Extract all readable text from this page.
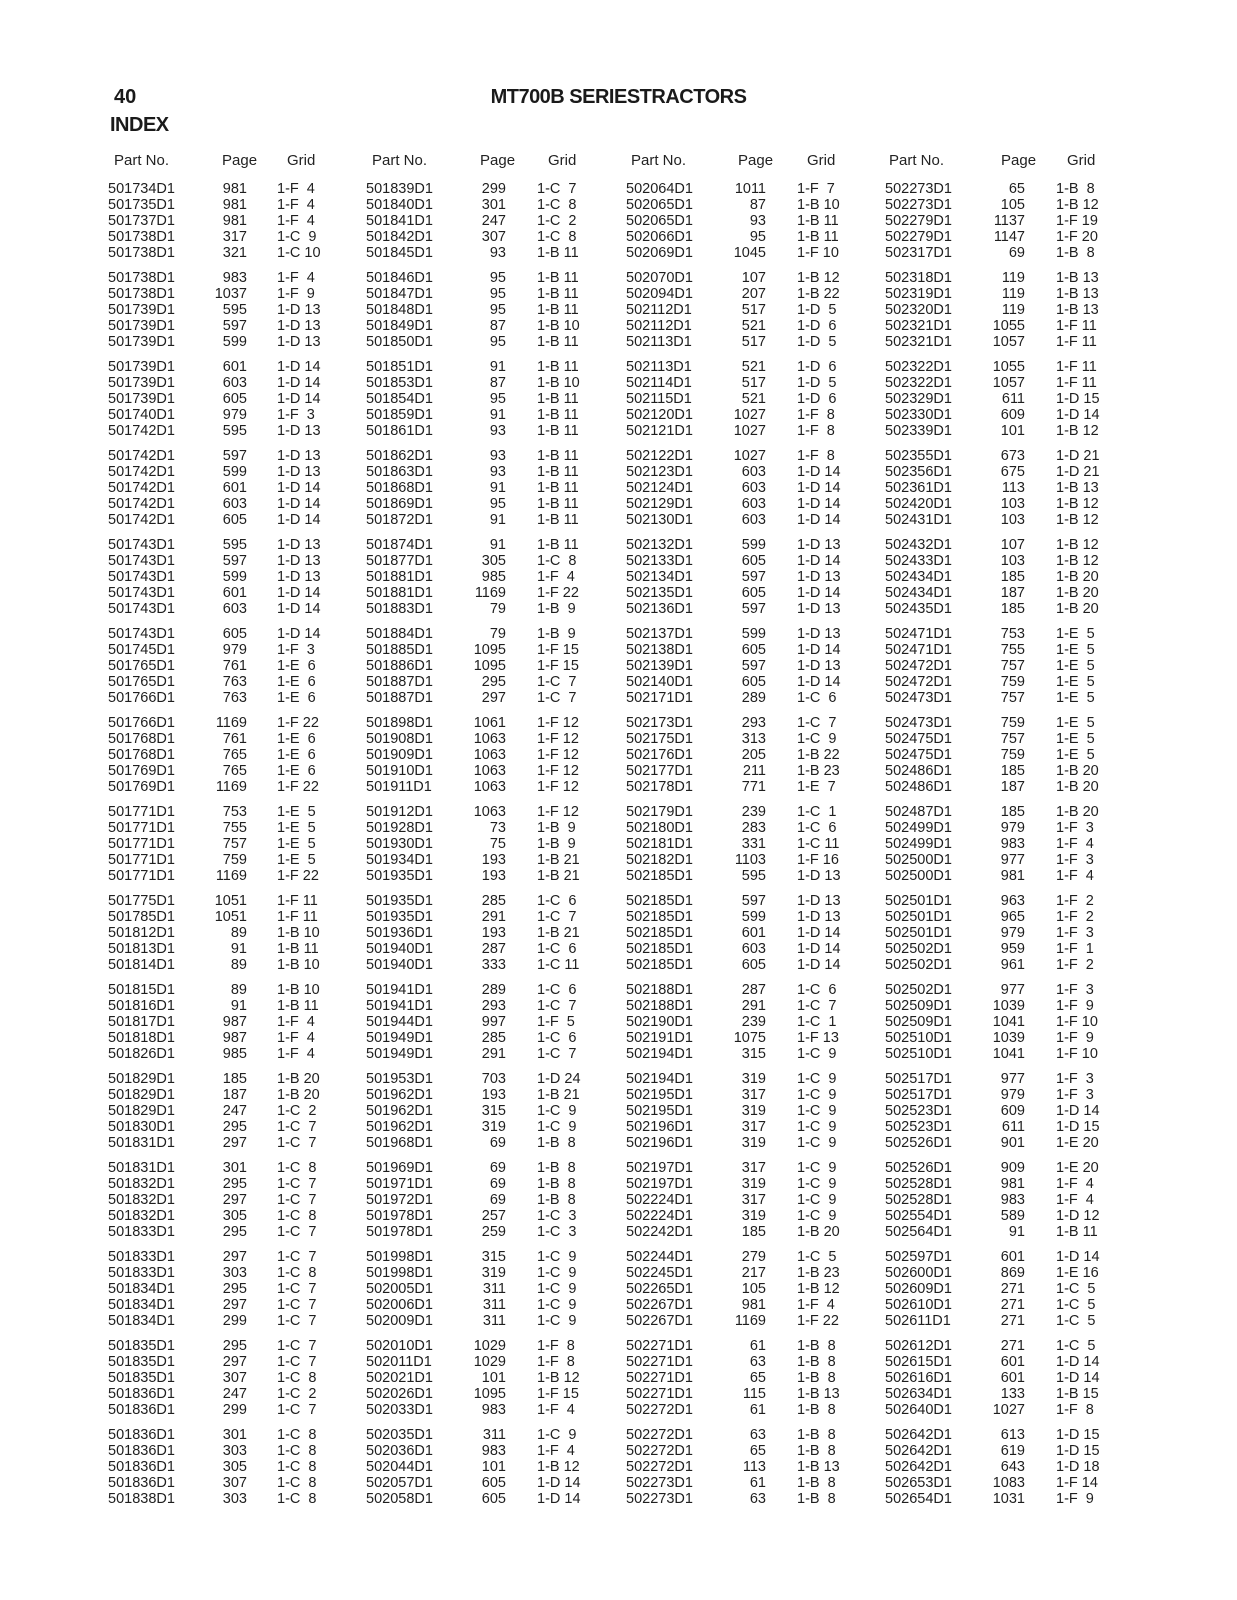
40	MT700B SERIESTRACTORS
INDEX
Part No.	Page Grid	Part No.	Page Grid	Part No.	Page Grid	Part No.	Page Grid
501734D1	981 1-F  4
501735D1	981 1-F  4
501737D1	981 1-F  4
501738D1	317 1-C  9
501738D1	321 1-C 10
501738D1	983 1-F  4
501738D1	1037 1-F  9
501739D1	595 1-D 13
501739D1	597 1-D 13
501739D1	599 1-D 13
501739D1	601 1-D 14
501739D1	603 1-D 14
501739D1	605 1-D 14
501740D1	979 1-F  3
501742D1	595 1-D 13
501742D1	597 1-D 13
501742D1	599 1-D 13
501742D1	601 1-D 14
501742D1	603 1-D 14
501742D1	605 1-D 14
501743D1	595 1-D 13
501743D1	597 1-D 13
501743D1	599 1-D 13
501743D1	601 1-D 14
501743D1	603 1-D 14
501743D1	605 1-D 14
501745D1	979 1-F  3
501765D1	761 1-E  6
501765D1	763 1-E  6
501766D1	763 1-E  6
501766D1	1169 1-F 22
501768D1	761 1-E  6
501768D1	765 1-E  6
501769D1	765 1-E  6
501769D1	1169 1-F 22
501771D1	753 1-E  5
501771D1	755 1-E  5
501771D1	757 1-E  5
501771D1	759 1-E  5
501771D1	1169 1-F 22
501775D1	1051 1-F 11
501785D1	1051 1-F 11
501812D1	89 1-B 10
501813D1	91 1-B 11
501814D1	89 1-B 10
501815D1	89 1-B 10
501816D1	91 1-B 11
501817D1	987 1-F  4
501818D1	987 1-F  4
501826D1	985 1-F  4
501829D1	185 1-B 20
501829D1	187 1-B 20
501829D1	247 1-C  2
501830D1	295 1-C  7
501831D1	297 1-C  7
501831D1	301 1-C  8
501832D1	295 1-C  7
501832D1	297 1-C  7
501832D1	305 1-C  8
501833D1	295 1-C  7
501833D1	297 1-C  7
501833D1	303 1-C  8
501834D1	295 1-C  7
501834D1	297 1-C  7
501834D1	299 1-C  7
501835D1	295 1-C  7
501835D1	297 1-C  7
501835D1	307 1-C  8
501836D1	247 1-C  2
501836D1	299 1-C  7
501836D1	301 1-C  8
501836D1	303 1-C  8
501836D1	305 1-C  8
501836D1	307 1-C  8
501838D1	303 1-C  8
501839D1	299 1-C  7
501840D1	301 1-C  8
501841D1	247 1-C  2
501842D1	307 1-C  8
501845D1	93 1-B 11
501846D1	95 1-B 11
501847D1	95 1-B 11
501848D1	95 1-B 11
501849D1	87 1-B 10
501850D1	95 1-B 11
501851D1	91 1-B 11
501853D1	87 1-B 10
501854D1	95 1-B 11
501859D1	91 1-B 11
501861D1	93 1-B 11
501862D1	93 1-B 11
501863D1	93 1-B 11
501868D1	91 1-B 11
501869D1	95 1-B 11
501872D1	91 1-B 11
501874D1	91 1-B 11
501877D1	305 1-C  8
501881D1	985 1-F  4
501881D1	1169 1-F 22
501883D1	79 1-B  9
501884D1	79 1-B  9
501885D1	1095 1-F 15
501886D1	1095 1-F 15
501887D1	295 1-C  7
501887D1	297 1-C  7
501898D1	1061 1-F 12
501908D1	1063 1-F 12
501909D1	1063 1-F 12
501910D1	1063 1-F 12
501911D1	1063 1-F 12
501912D1	1063 1-F 12
501928D1	73 1-B  9
501930D1	75 1-B  9
501934D1	193 1-B 21
501935D1	193 1-B 21
501935D1	285 1-C  6
501935D1	291 1-C  7
501936D1	193 1-B 21
501940D1	287 1-C  6
501940D1	333 1-C 11
501941D1	289 1-C  6
501941D1	293 1-C  7
501944D1	997 1-F  5
501949D1	285 1-C  6
501949D1	291 1-C  7
501953D1	703 1-D 24
501962D1	193 1-B 21
501962D1	315 1-C  9
501962D1	319 1-C  9
501968D1	69 1-B  8
501969D1	69 1-B  8
501971D1	69 1-B  8
501972D1	69 1-B  8
501978D1	257 1-C  3
501978D1	259 1-C  3
501998D1	315 1-C  9
501998D1	319 1-C  9
502005D1	311 1-C  9
502006D1	311 1-C  9
502009D1	311 1-C  9
502010D1	1029 1-F  8
502011D1	1029 1-F  8
502021D1	101 1-B 12
502026D1	1095 1-F 15
502033D1	983 1-F  4
502035D1	311 1-C  9
502036D1	983 1-F  4
502044D1	101 1-B 12
502057D1	605 1-D 14
502058D1	605 1-D 14
502064D1	1011 1-F  7
502065D1	87 1-B 10
502065D1	93 1-B 11
502066D1	95 1-B 11
502069D1	1045 1-F 10
502070D1	107 1-B 12
502094D1	207 1-B 22
502112D1	517 1-D  5
502112D1	521 1-D  6
502113D1	517 1-D  5
502113D1	521 1-D  6
502114D1	517 1-D  5
502115D1	521 1-D  6
502120D1	1027 1-F  8
502121D1	1027 1-F  8
502122D1	1027 1-F  8
502123D1	603 1-D 14
502124D1	603 1-D 14
502129D1	603 1-D 14
502130D1	603 1-D 14
502132D1	599 1-D 13
502133D1	605 1-D 14
502134D1	597 1-D 13
502135D1	605 1-D 14
502136D1	597 1-D 13
502137D1	599 1-D 13
502138D1	605 1-D 14
502139D1	597 1-D 13
502140D1	605 1-D 14
502171D1	289 1-C  6
502173D1	293 1-C  7
502175D1	313 1-C  9
502176D1	205 1-B 22
502177D1	211 1-B 23
502178D1	771 1-E  7
502179D1	239 1-C  1
502180D1	283 1-C  6
502181D1	331 1-C 11
502182D1	1103 1-F 16
502185D1	595 1-D 13
502185D1	597 1-D 13
502185D1	599 1-D 13
502185D1	601 1-D 14
502185D1	603 1-D 14
502185D1	605 1-D 14
502188D1	287 1-C  6
502188D1	291 1-C  7
502190D1	239 1-C  1
502191D1	1075 1-F 13
502194D1	315 1-C  9
502194D1	319 1-C  9
502195D1	317 1-C  9
502195D1	319 1-C  9
502196D1	317 1-C  9
502196D1	319 1-C  9
502197D1	317 1-C  9
502197D1	319 1-C  9
502224D1	317 1-C  9
502224D1	319 1-C  9
502242D1	185 1-B 20
502244D1	279 1-C  5
502245D1	217 1-B 23
502265D1	105 1-B 12
502267D1	981 1-F  4
502267D1	1169 1-F 22
502271D1	61 1-B  8
502271D1	63 1-B  8
502271D1	65 1-B  8
502271D1	115 1-B 13
502272D1	61 1-B  8
502272D1	63 1-B  8
502272D1	65 1-B  8
502272D1	113 1-B 13
502273D1	61 1-B  8
502273D1	63 1-B  8
502273D1	65 1-B  8
502273D1	105 1-B 12
502279D1	1137 1-F 19
502279D1	1147 1-F 20
502317D1	69 1-B  8
502318D1	119 1-B 13
502319D1	119 1-B 13
502320D1	119 1-B 13
502321D1	1055 1-F 11
502321D1	1057 1-F 11
502322D1	1055 1-F 11
502322D1	1057 1-F 11
502329D1	611 1-D 15
502330D1	609 1-D 14
502339D1	101 1-B 12
502355D1	673 1-D 21
502356D1	675 1-D 21
502361D1	113 1-B 13
502420D1	103 1-B 12
502431D1	103 1-B 12
502432D1	107 1-B 12
502433D1	103 1-B 12
502434D1	185 1-B 20
502434D1	187 1-B 20
502435D1	185 1-B 20
502471D1	753 1-E  5
502471D1	755 1-E  5
502472D1	757 1-E  5
502472D1	759 1-E  5
502473D1	757 1-E  5
502473D1	759 1-E  5
502475D1	757 1-E  5
502475D1	759 1-E  5
502486D1	185 1-B 20
502486D1	187 1-B 20
502487D1	185 1-B 20
502499D1	979 1-F  3
502499D1	983 1-F  4
502500D1	977 1-F  3
502500D1	981 1-F  4
502501D1	963 1-F  2
502501D1	965 1-F  2
502501D1	979 1-F  3
502502D1	959 1-F  1
502502D1	961 1-F  2
502502D1	977 1-F  3
502509D1	1039 1-F  9
502509D1	1041 1-F 10
502510D1	1039 1-F  9
502510D1	1041 1-F 10
502517D1	977 1-F  3
502517D1	979 1-F  3
502523D1	609 1-D 14
502523D1	611 1-D 15
502526D1	901 1-E 20
502526D1	909 1-E 20
502528D1	981 1-F  4
502528D1	983 1-F  4
502554D1	589 1-D 12
502564D1	91 1-B 11
502597D1	601 1-D 14
502600D1	869 1-E 16
502609D1	271 1-C  5
502610D1	271 1-C  5
502611D1	271 1-C  5
502612D1	271 1-C  5
502615D1	601 1-D 14
502616D1	601 1-D 14
502634D1	133 1-B 15
502640D1	1027 1-F  8
502642D1	613 1-D 15
502642D1	619 1-D 15
502642D1	643 1-D 18
502653D1	1083 1-F 14
502654D1	1031 1-F  9
